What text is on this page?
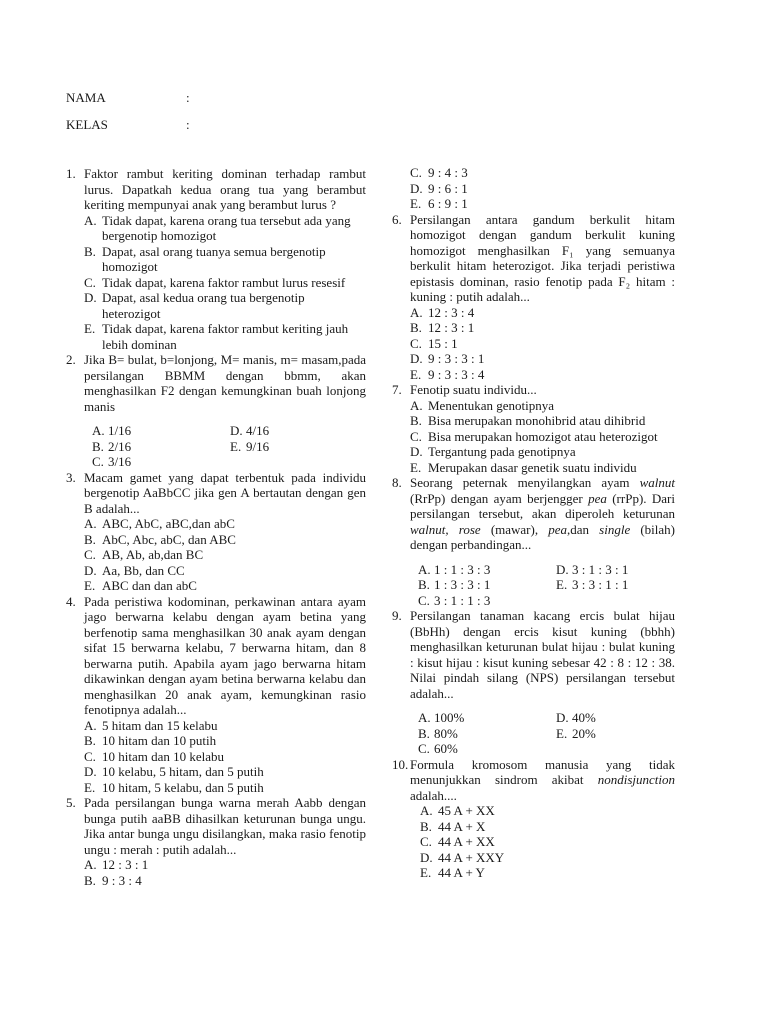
NAMA	:
KELAS	:
1. Faktor rambut keriting dominan terhadap rambut lurus. Dapatkah kedua orang tua yang berambut keriting mempunyai anak yang berambut lurus ?
A. Tidak dapat, karena orang tua tersebut ada yang bergenotip homozigot
B. Dapat, asal orang tuanya semua bergenotip homozigot
C. Tidak dapat, karena faktor rambut lurus resesif
D. Dapat, asal kedua orang tua bergenotip heterozigot
E. Tidak dapat, karena faktor rambut keriting jauh lebih dominan
2. Jika B= bulat, b=lonjong, M= manis, m= masam,pada persilangan BBMM dengan bbmm, akan menghasilkan F2 dengan kemungkinan buah lonjong manis
A. 1/16	D. 4/16
B. 2/16	E. 9/16
C. 3/16
3. Macam gamet yang dapat terbentuk pada individu bergenotip AaBbCC jika gen A bertautan dengan gen B adalah...
A. ABC, AbC, aBC,dan abC
B. AbC, Abc, abC, dan ABC
C. AB, Ab, ab,dan BC
D. Aa, Bb, dan CC
E. ABC dan dan abC
4. Pada peristiwa kodominan, perkawinan antara ayam jago berwarna kelabu dengan ayam betina yang berfenotip sama menghasilkan 30 anak ayam dengan sifat 15 berwarna kelabu, 7 berwarna hitam, dan 8 berwarna putih. Apabila ayam jago berwarna hitam dikawinkan dengan ayam betina berwarna kelabu dan menghasilkan 20 anak ayam, kemungkinan rasio fenotipnya adalah...
A. 5 hitam dan 15 kelabu
B. 10 hitam dan 10 putih
C. 10 hitam dan 10 kelabu
D. 10 kelabu, 5 hitam, dan 5 putih
E. 10 hitam, 5 kelabu, dan 5 putih
5. Pada persilangan bunga warna merah Aabb dengan bunga putih aaBB dihasilkan keturunan bunga ungu. Jika antar bunga ungu disilangkan, maka rasio fenotip ungu : merah : putih adalah...
A. 12 : 3 : 1
B. 9 : 3 : 4
C. 9 : 4 : 3
D. 9 : 6 : 1
E. 6 : 9 : 1
6. Persilangan antara gandum berkulit hitam homozigot dengan gandum berkulit kuning homozigot menghasilkan F₁ yang semuanya berkulit hitam heterozigot. Jika terjadi peristiwa epistasis dominan, rasio fenotip pada F₂ hitam : kuning : putih adalah...
A. 12 : 3 : 4
B. 12 : 3 : 1
C. 15 : 1
D. 9 : 3 : 3 : 1
E. 9 : 3 : 3 : 4
7. Fenotip suatu individu...
A. Menentukan genotipnya
B. Bisa merupakan monohibrid atau dihibrid
C. Bisa merupakan homozigot atau heterozigot
D. Tergantung pada genotipnya
E. Merupakan dasar genetik suatu individu
8. Seorang peternak menyilangkan ayam walnut (RrPp) dengan ayam berjengger pea (rrPp). Dari persilangan tersebut, akan diperoleh keturunan walnut, rose (mawar), pea,dan single (bilah) dengan perbandingan...
A. 1 : 1 : 3 : 3	D. 3 : 1 : 3 : 1
B. 1 : 3 : 3 : 1	E. 3 : 3 : 1 : 1
C. 3 : 1 : 1 : 3
9. Persilangan tanaman kacang ercis bulat hijau (BbHh) dengan ercis kisut kuning (bbhh) menghasilkan keturunan bulat hijau : bulat kuning : kisut hijau : kisut kuning sebesar 42 : 8 : 12 : 38. Nilai pindah silang (NPS) persilangan tersebut adalah...
A. 100%	D. 40%
B. 80%	E. 20%
C. 60%
10. Formula kromosom manusia yang tidak menunjukkan sindrom akibat nondisjunction adalah....
A. 45 A + XX
B. 44 A + X
C. 44 A + XX
D. 44 A + XXY
E. 44 A + Y
